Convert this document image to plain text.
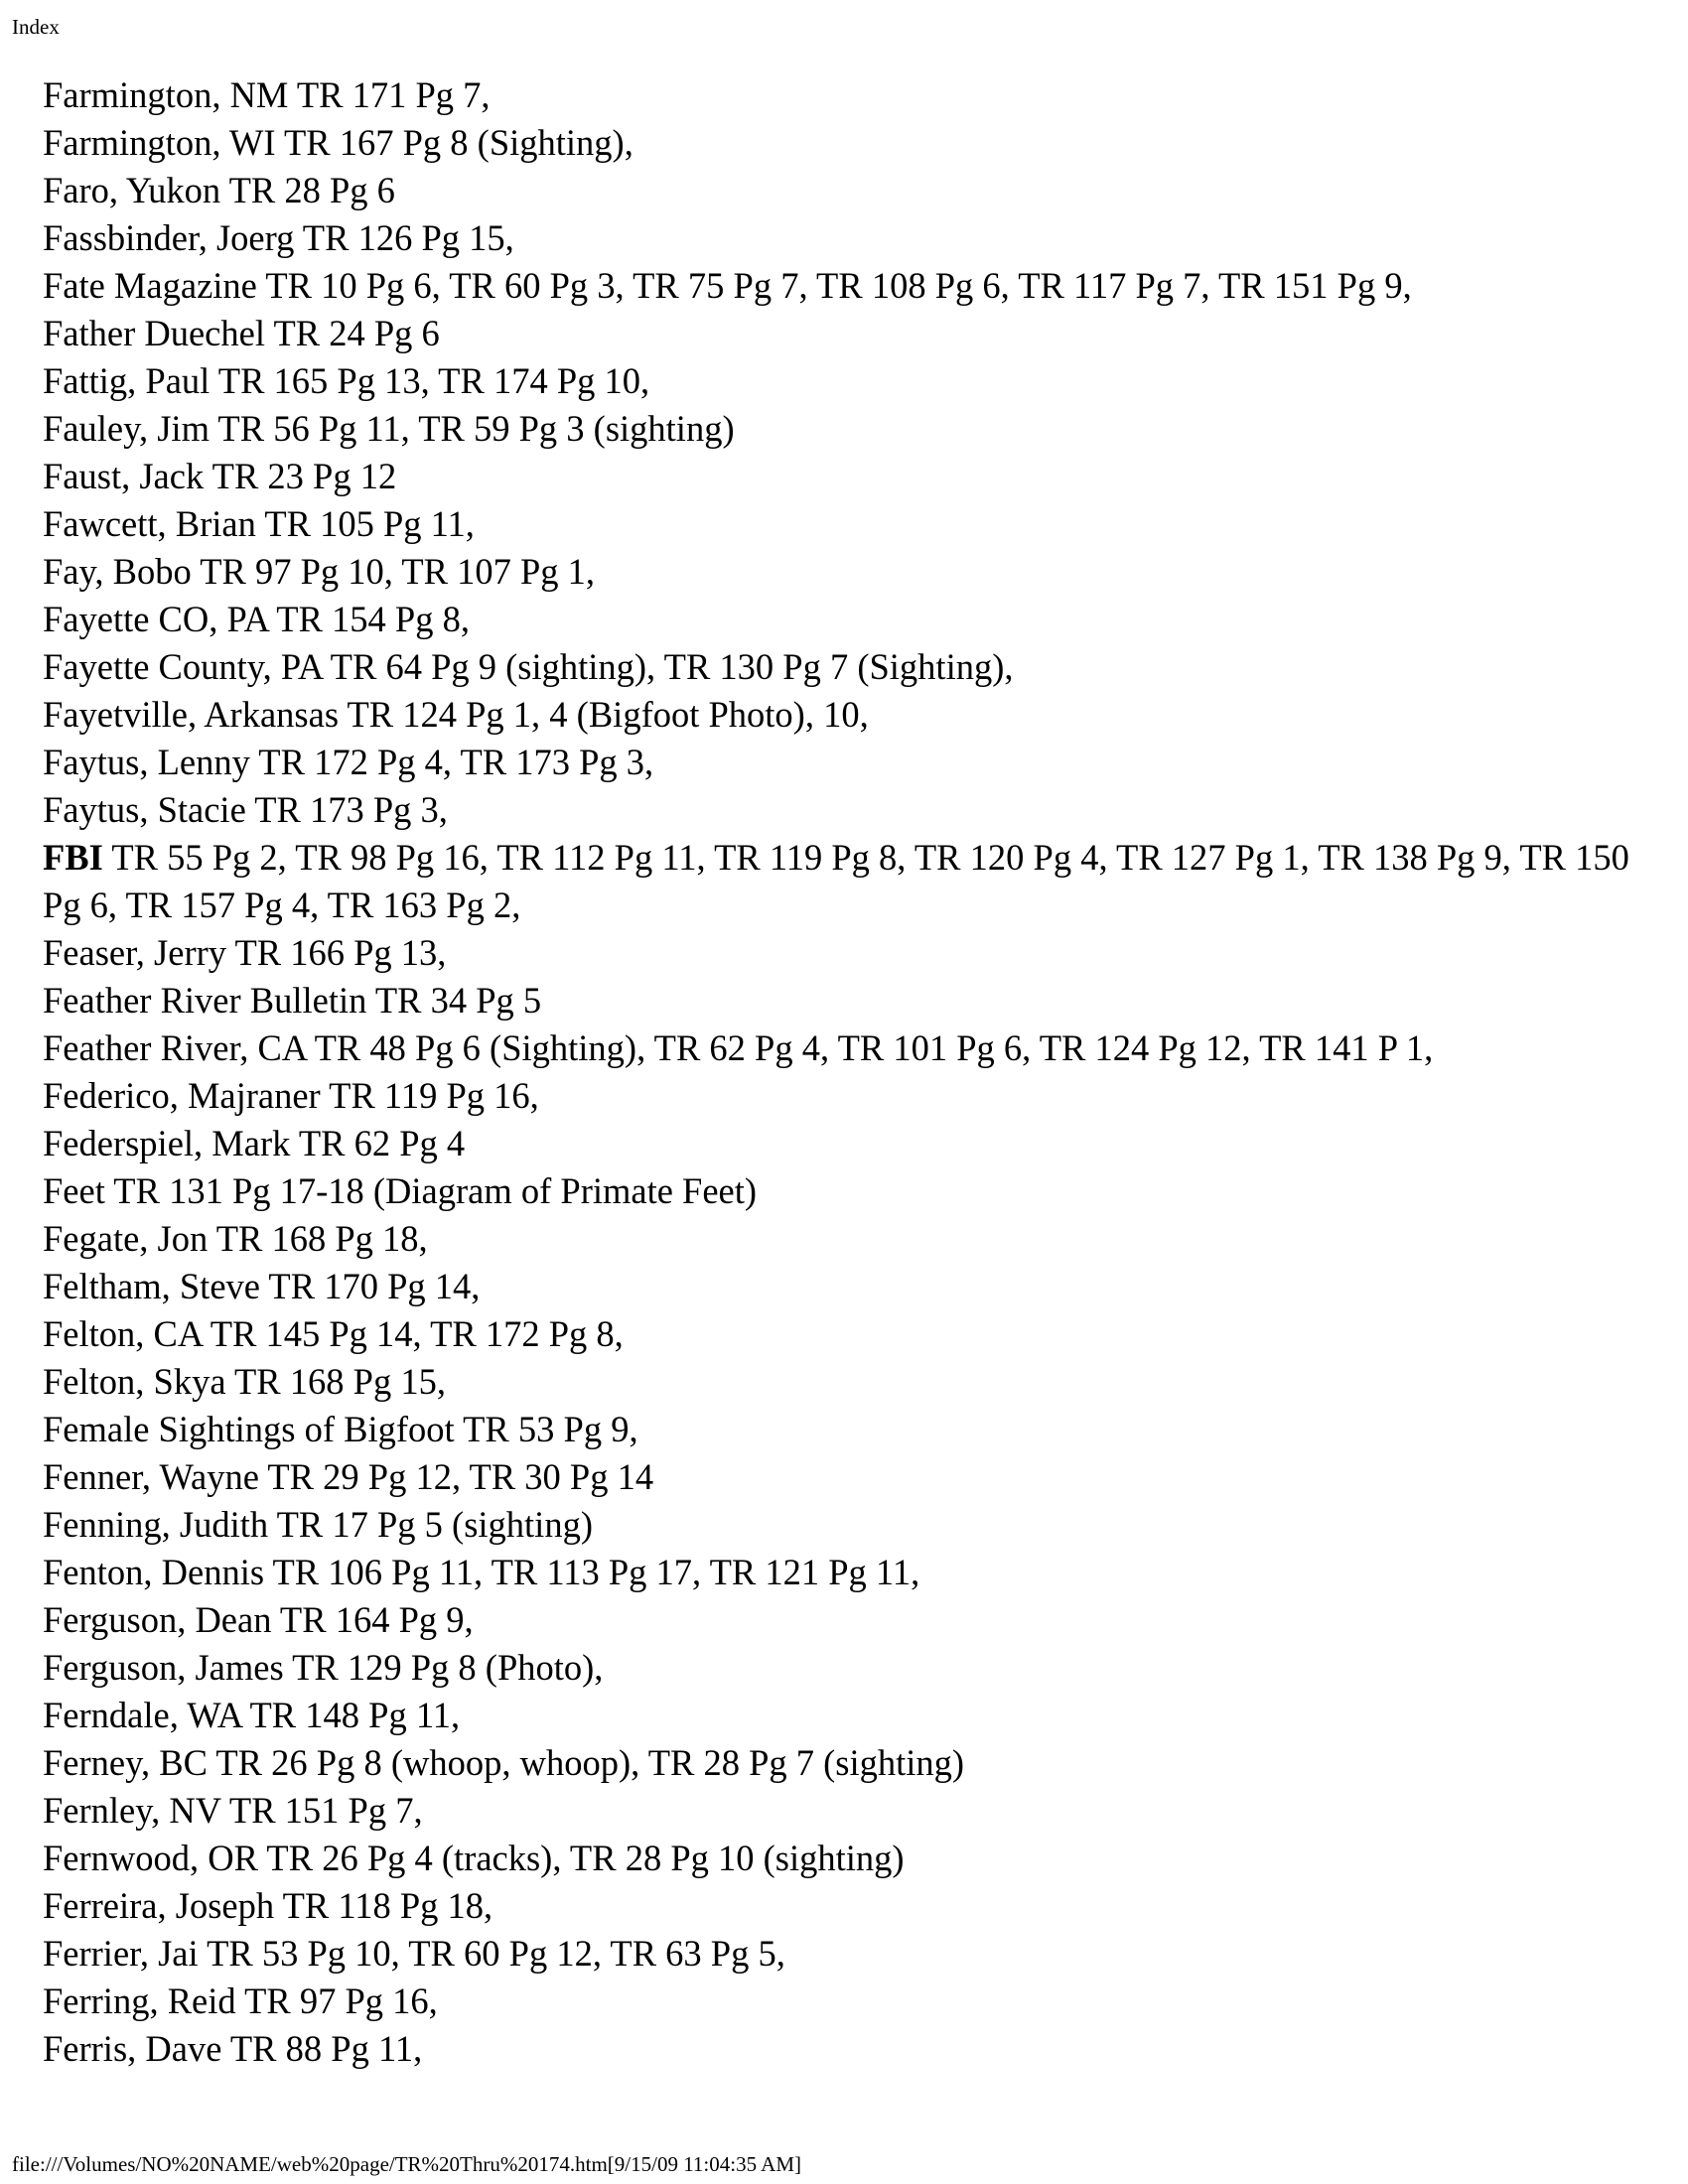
Index
Farmington, NM TR 171 Pg 7,
Farmington, WI TR 167 Pg 8 (Sighting),
Faro, Yukon TR 28 Pg 6
Fassbinder, Joerg TR 126 Pg 15,
Fate Magazine TR 10 Pg 6, TR 60 Pg 3, TR 75 Pg 7, TR 108 Pg 6, TR 117 Pg 7, TR 151 Pg 9,
Father Duechel TR 24 Pg 6
Fattig, Paul TR 165 Pg 13, TR 174 Pg 10,
Fauley, Jim TR 56 Pg 11, TR 59 Pg 3 (sighting)
Faust, Jack TR 23 Pg 12
Fawcett, Brian TR 105 Pg 11,
Fay, Bobo TR 97 Pg 10, TR 107 Pg 1,
Fayette CO, PA TR 154 Pg 8,
Fayette County, PA TR 64 Pg 9 (sighting), TR 130 Pg 7 (Sighting),
Fayetville, Arkansas TR 124 Pg 1, 4 (Bigfoot Photo), 10,
Faytus, Lenny TR 172 Pg 4, TR 173 Pg 3,
Faytus, Stacie TR 173 Pg 3,
FBI TR 55 Pg 2, TR 98 Pg 16, TR 112 Pg 11, TR 119 Pg 8, TR 120 Pg 4, TR 127 Pg 1, TR 138 Pg 9, TR 150 Pg 6, TR 157 Pg 4, TR 163 Pg 2,
Feaser, Jerry TR 166 Pg 13,
Feather River Bulletin TR 34 Pg 5
Feather River, CA TR 48 Pg 6 (Sighting), TR 62 Pg 4, TR 101 Pg 6, TR 124 Pg 12, TR 141 P 1,
Federico, Majraner TR 119 Pg 16,
Federspiel, Mark TR 62 Pg 4
Feet TR 131 Pg 17-18 (Diagram of Primate Feet)
Fegate, Jon TR 168 Pg 18,
Feltham, Steve TR 170 Pg 14,
Felton, CA TR 145 Pg 14, TR 172 Pg 8,
Felton, Skya TR 168 Pg 15,
Female Sightings of Bigfoot TR 53 Pg 9,
Fenner, Wayne TR 29 Pg 12, TR 30 Pg 14
Fenning, Judith TR 17 Pg 5 (sighting)
Fenton, Dennis TR 106 Pg 11, TR 113 Pg 17, TR 121 Pg 11,
Ferguson, Dean TR 164 Pg 9,
Ferguson, James TR 129 Pg 8 (Photo),
Ferndale, WA TR 148 Pg 11,
Ferney, BC TR 26 Pg 8 (whoop, whoop), TR 28 Pg 7 (sighting)
Fernley, NV TR 151 Pg 7,
Fernwood, OR TR 26 Pg 4 (tracks), TR 28 Pg 10 (sighting)
Ferreira, Joseph TR 118 Pg 18,
Ferrier, Jai TR 53 Pg 10, TR 60 Pg 12, TR 63 Pg 5,
Ferring, Reid TR 97 Pg 16,
Ferris, Dave TR 88 Pg 11,
file:///Volumes/NO%20NAME/web%20page/TR%20Thru%20174.htm[9/15/09 11:04:35 AM]
